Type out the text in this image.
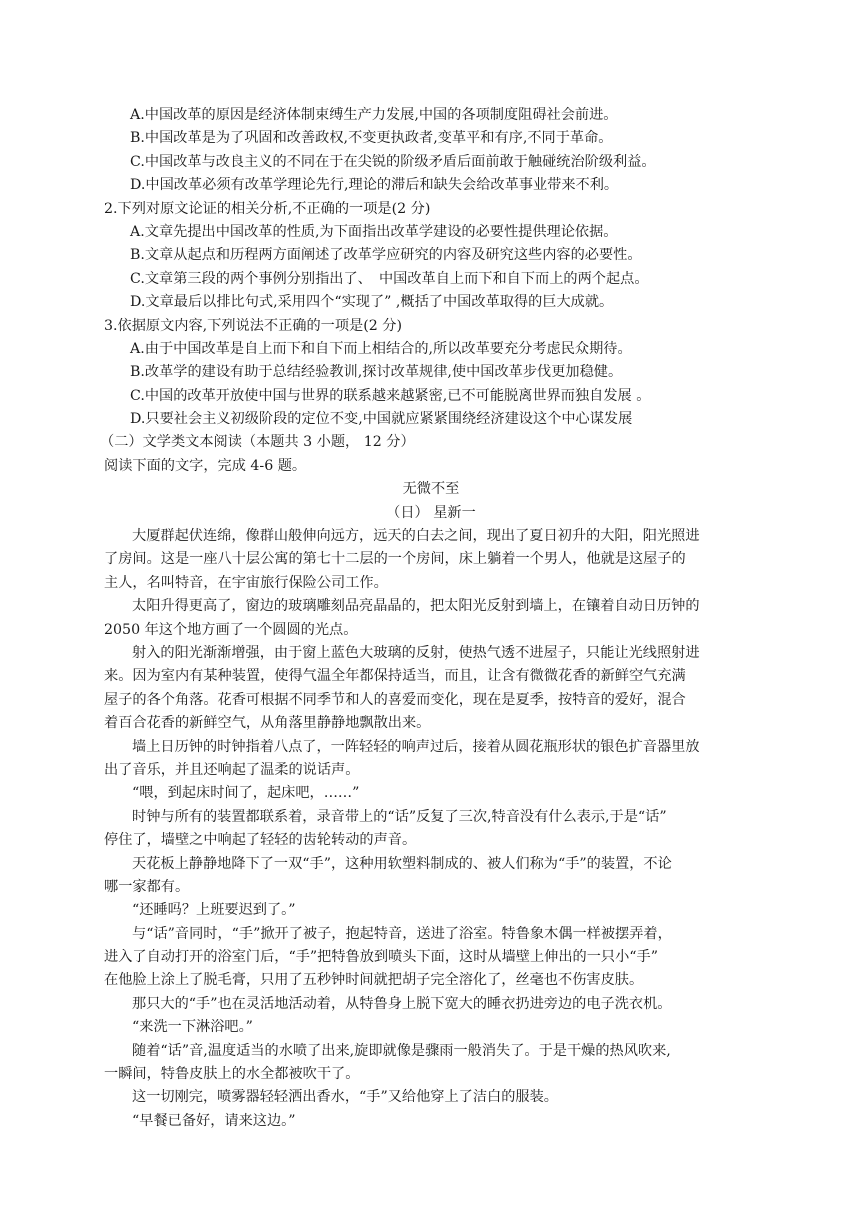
A.中国改革的原因是经济体制束缚生产力发展,中国的各项制度阻碍社会前进。
B.中国改革是为了巩固和改善政权,不变更执政者,变革平和有序,不同于革命。
C.中国改革与改良主义的不同在于在尖锐的阶级矛盾后面前敢于触碰统治阶级利益。
D.中国改革必须有改革学理论先行,理论的滞后和缺失会给改革事业带来不利。
2.下列对原文论证的相关分析,不正确的一项是(2 分)
A.文章先提出中国改革的性质,为下面指出改革学建设的必要性提供理论依据。
B.文章从起点和历程两方面阐述了改革学应研究的内容及研究这些内容的必要性。
C.文章第三段的两个事例分别指出了、　中国改革自上而下和自下而上的两个起点。
D.文章最后以排比句式,采用四个“实现了” ,概括了中国改革取得的巨大成就。
3.依据原文内容,下列说法不正确的一项是(2 分)
A.由于中国改革是自上而下和自下而上相结合的,所以改革要充分考虑民众期待。
B.改革学的建设有助于总结经验教训,探讨改革规律,使中国改革步伐更加稳健。
C.中国的改革开放使中国与世界的联系越来越紧密,已不可能脱离世界而独自发展 。
D.只要社会主义初级阶段的定位不变,中国就应紧紧围绕经济建设这个中心谋发展
（二）文学类文本阅读（本题共 3 小题， 12 分）
阅读下面的文字，完成 4-6 题。
无微不至
（日） 星新一
大厦群起伏连绵，像群山般伸向远方，远天的白去之间，现出了夏日初升的大阳，阳光照进
了房间。这是一座八十层公寓的第七十二层的一个房间，床上躺着一个男人，他就是这屋子的
主人，名叫特音，在宇宙旅行保险公司工作。
太阳升得更高了，窗边的玻璃雕刻品亮晶晶的，把太阳光反射到墙上，在镶着自动日历钟的
2050 年这个地方画了一个圆圆的光点。
射入的阳光渐渐增强，由于窗上蓝色大玻璃的反射，使热气透不进屋子，只能让光线照射进
来。因为室内有某种装置，使得气温全年都保持适当，而且，让含有微微花香的新鲜空气充满
屋子的各个角落。花香可根据不同季节和人的喜爱而变化，现在是夏季，按特音的爱好，混合
着百合花香的新鲜空气，从角落里静静地飘散出来。
墙上日历钟的时钟指着八点了，一阵轻轻的响声过后，接着从圆花瓶形状的银色扩音器里放
出了音乐，并且还响起了温柔的说话声。
“喂，到起床时间了，起床吧，……”
时钟与所有的装置都联系着，录音带上的“话”反复了三次,特音没有什么表示,于是“话”
停住了，墙壁之中响起了轻轻的齿轮转动的声音。
天花板上静静地降下了一双“手”，这种用软塑料制成的、被人们称为“手”的装置，不论
哪一家都有。
“还睡吗？上班要迟到了。”
与“话”音同时，“手”掀开了被子，抱起特音，送进了浴室。特鲁象木偶一样被摆弄着，
进入了自动打开的浴室门后，“手”把特鲁放到喷头下面，这时从墙壁上伸出的一只小“手”
在他脸上涂上了脱毛膏，只用了五秒钟时间就把胡子完全溶化了，丝毫也不伤害皮肤。
那只大的“手”也在灵活地活动着，从特鲁身上脱下宽大的睡衣扔进旁边的电子洗衣机。
“来洗一下淋浴吧。”
随着“话”音,温度适当的水喷了出来,旋即就像是骤雨一般消失了。于是干燥的热风吹来,
一瞬间，特鲁皮肤上的水全都被吹干了。
这一切刚完，喷雾器轻轻洒出香水，“手”又给他穿上了洁白的服装。
“早餐已备好，请来这边。”
